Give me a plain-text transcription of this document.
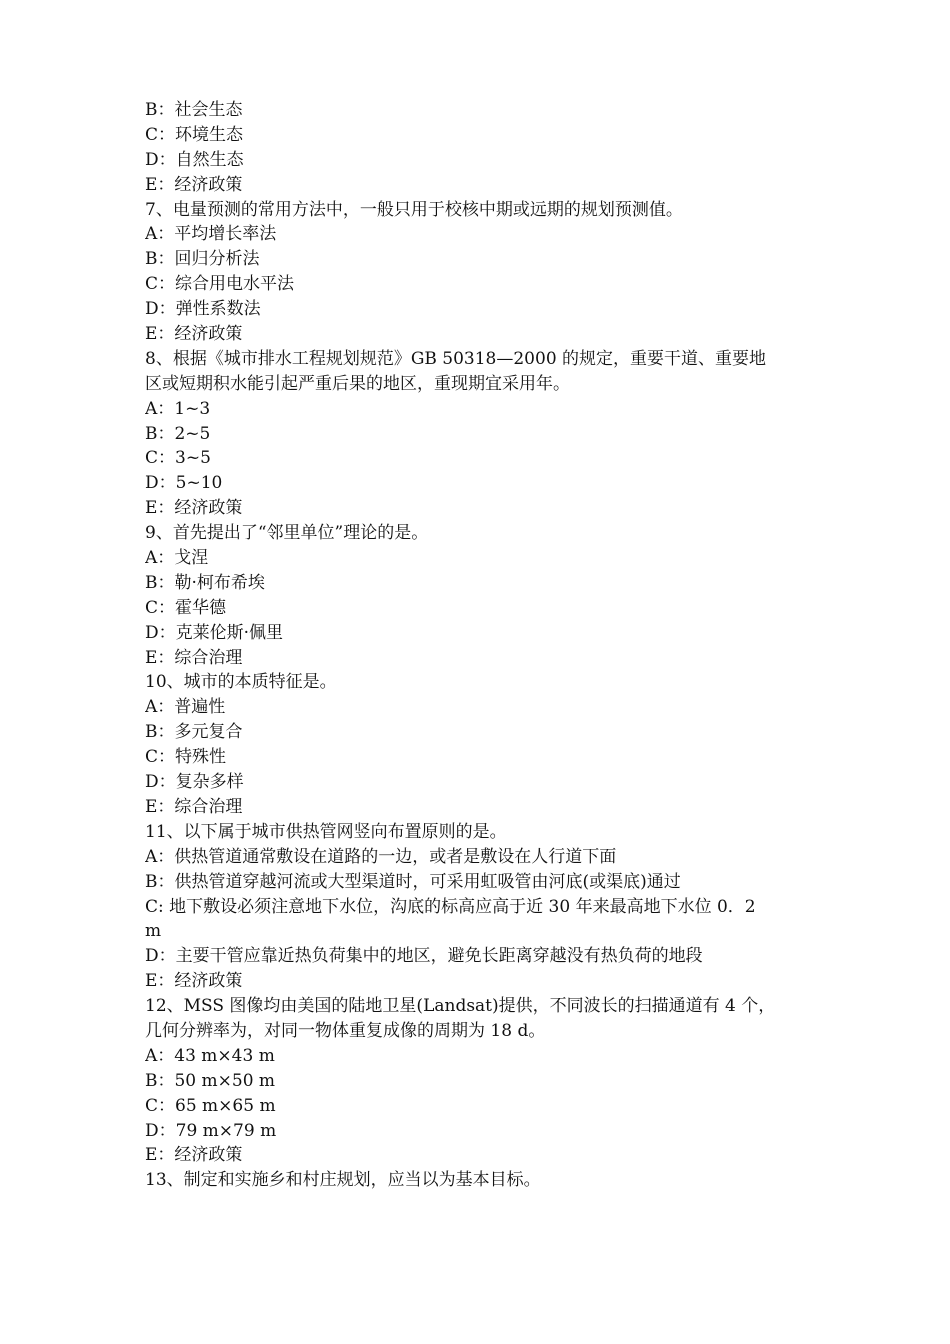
B：社会生态
C：环境生态
D：自然生态
E：经济政策
7、电量预测的常用方法中，一般只用于校核中期或远期的规划预测值。
A：平均增长率法
B：回归分析法
C：综合用电水平法
D：弹性系数法
E：经济政策
8、根据《城市排水工程规划规范》GB 50318—2000 的规定，重要干道、重要地
区或短期积水能引起严重后果的地区，重现期宜采用年。
A：1~3
B：2~5
C：3~5
D：5~10
E：经济政策
9、首先提出了“邻里单位”理论的是。
A：戈涅
B：勒·柯布希埃
C：霍华德
D：克莱伦斯·佩里
E：综合治理
10、城市的本质特征是。
A：普遍性
B：多元复合
C：特殊性
D：复杂多样
E：综合治理
11、以下属于城市供热管网竖向布置原则的是。
A：供热管道通常敷设在道路的一边，或者是敷设在人行道下面
B：供热管道穿越河流或大型渠道时，可采用虹吸管由河底(或渠底)通过
C: 地下敷设必须注意地下水位，沟底的标高应高于近 30 年来最高地下水位 0．2
m
D：主要干管应靠近热负荷集中的地区，避免长距离穿越没有热负荷的地段
E：经济政策
12、MSS 图像均由美国的陆地卫星(Landsat)提供，不同波长的扫描通道有 4 个，
几何分辨率为，对同一物体重复成像的周期为 18 d。
A：43 m×43 m
B：50 m×50 m
C：65 m×65 m
D：79 m×79 m
E：经济政策
13、制定和实施乡和村庄规划，应当以为基本目标。
